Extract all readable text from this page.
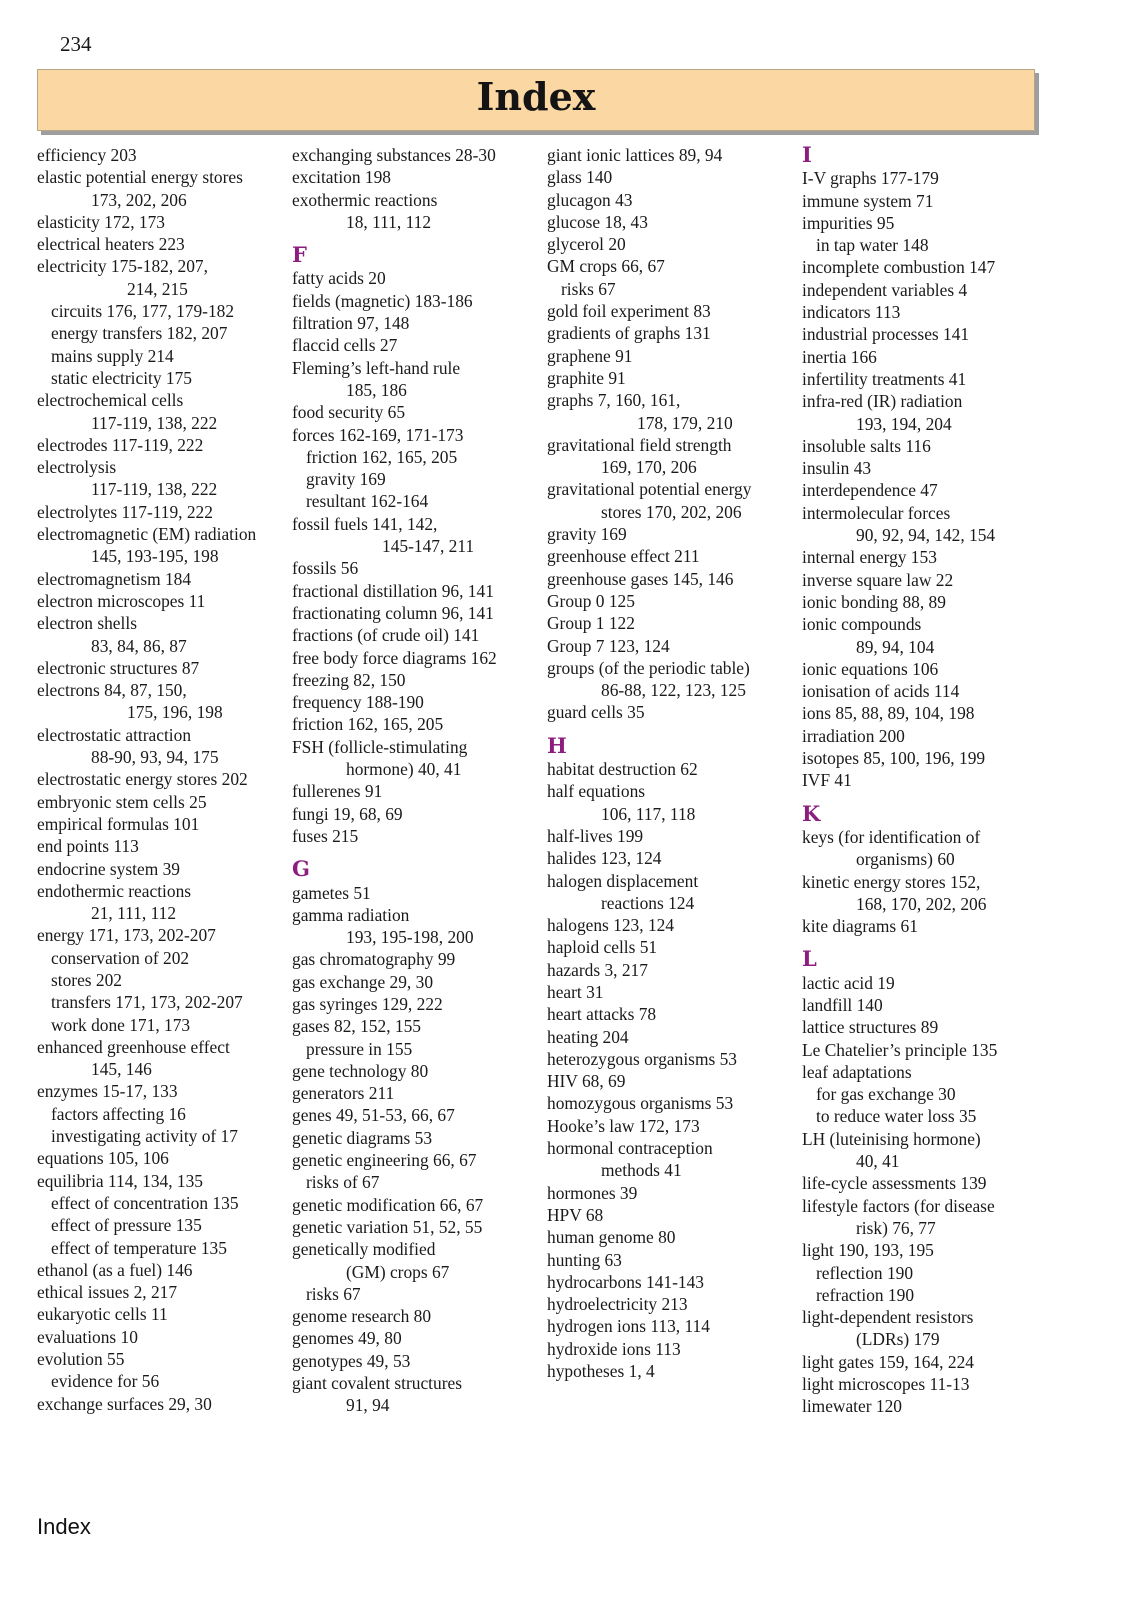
234
Index
efficiency 203
elastic potential energy stores
173, 202, 206
elasticity 172, 173
electrical heaters 223
electricity 175-182, 207,
214, 215
circuits 176, 177, 179-182
energy transfers 182, 207
mains supply 214
static electricity 175
electrochemical cells
117-119, 138, 222
electrodes 117-119, 222
electrolysis
117-119, 138, 222
electrolytes 117-119, 222
electromagnetic (EM) radiation
145, 193-195, 198
electromagnetism 184
electron microscopes 11
electron shells
83, 84, 86, 87
electronic structures 87
electrons 84, 87, 150,
175, 196, 198
electrostatic attraction
88-90, 93, 94, 175
electrostatic energy stores 202
embryonic stem cells 25
empirical formulas 101
end points 113
endocrine system 39
endothermic reactions
21, 111, 112
energy 171, 173, 202-207
conservation of 202
stores 202
transfers 171, 173, 202-207
work done 171, 173
enhanced greenhouse effect
145, 146
enzymes 15-17, 133
factors affecting 16
investigating activity of 17
equations 105, 106
equilibria 114, 134, 135
effect of concentration 135
effect of pressure 135
effect of temperature 135
ethanol (as a fuel) 146
ethical issues 2, 217
eukaryotic cells 11
evaluations 10
evolution 55
evidence for 56
exchange surfaces 29, 30
exchanging substances 28-30
excitation 198
exothermic reactions
18, 111, 112
F
fatty acids 20
fields (magnetic) 183-186
filtration 97, 148
flaccid cells 27
Fleming’s left-hand rule
185, 186
food security 65
forces 162-169, 171-173
friction 162, 165, 205
gravity 169
resultant 162-164
fossil fuels 141, 142,
145-147, 211
fossils 56
fractional distillation 96, 141
fractionating column 96, 141
fractions (of crude oil) 141
free body force diagrams 162
freezing 82, 150
frequency 188-190
friction 162, 165, 205
FSH (follicle-stimulating
hormone) 40, 41
fullerenes 91
fungi 19, 68, 69
fuses 215
G
gametes 51
gamma radiation
193, 195-198, 200
gas chromatography 99
gas exchange 29, 30
gas syringes 129, 222
gases 82, 152, 155
pressure in 155
gene technology 80
generators 211
genes 49, 51-53, 66, 67
genetic diagrams 53
genetic engineering 66, 67
risks of 67
genetic modification 66, 67
genetic variation 51, 52, 55
genetically modified
(GM) crops 67
risks 67
genome research 80
genomes 49, 80
genotypes 49, 53
giant covalent structures
91, 94
giant ionic lattices 89, 94
glass 140
glucagon 43
glucose 18, 43
glycerol 20
GM crops 66, 67
risks 67
gold foil experiment 83
gradients of graphs 131
graphene 91
graphite 91
graphs 7, 160, 161,
178, 179, 210
gravitational field strength
169, 170, 206
gravitational potential energy
stores 170, 202, 206
gravity 169
greenhouse effect 211
greenhouse gases 145, 146
Group 0 125
Group 1 122
Group 7 123, 124
groups (of the periodic table)
86-88, 122, 123, 125
guard cells 35
H
habitat destruction 62
half equations
106, 117, 118
half-lives 199
halides 123, 124
halogen displacement
reactions 124
halogens 123, 124
haploid cells 51
hazards 3, 217
heart 31
heart attacks 78
heating 204
heterozygous organisms 53
HIV 68, 69
homozygous organisms 53
Hooke’s law 172, 173
hormonal contraception
methods 41
hormones 39
HPV 68
human genome 80
hunting 63
hydrocarbons 141-143
hydroelectricity 213
hydrogen ions 113, 114
hydroxide ions 113
hypotheses 1, 4
I
I-V graphs 177-179
immune system 71
impurities 95
in tap water 148
incomplete combustion 147
independent variables 4
indicators 113
industrial processes 141
inertia 166
infertility treatments 41
infra-red (IR) radiation
193, 194, 204
insoluble salts 116
insulin 43
interdependence 47
intermolecular forces
90, 92, 94, 142, 154
internal energy 153
inverse square law 22
ionic bonding 88, 89
ionic compounds
89, 94, 104
ionic equations 106
ionisation of acids 114
ions 85, 88, 89, 104, 198
irradiation 200
isotopes 85, 100, 196, 199
IVF 41
K
keys (for identification of
organisms) 60
kinetic energy stores 152,
168, 170, 202, 206
kite diagrams 61
L
lactic acid 19
landfill 140
lattice structures 89
Le Chatelier’s principle 135
leaf adaptations
for gas exchange 30
to reduce water loss 35
LH (luteinising hormone)
40, 41
life-cycle assessments 139
lifestyle factors (for disease
risk) 76, 77
light 190, 193, 195
reflection 190
refraction 190
light-dependent resistors
(LDRs) 179
light gates 159, 164, 224
light microscopes 11-13
limewater 120
Index
